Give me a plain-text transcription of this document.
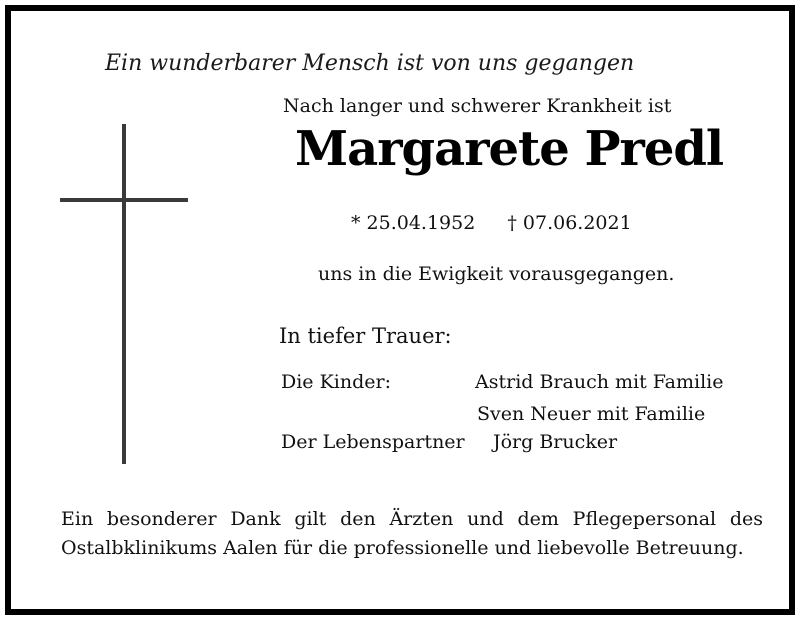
Ein wunderbarer Mensch ist von uns gegangen
Nach langer und schwerer Krankheit ist
Margarete Predl
* 25.04.1952 † 07.06.2021
uns in die Ewigkeit vorausgegangen.
In tiefer Trauer:
Die Kinder:	Astrid Brauch mit Familie
Sven Neuer mit Familie
Der Lebenspartner Jörg Brucker
Ein besonderer Dank gilt den Ärzten und dem Pflegepersonal des Ostalbklinikums Aalen für die professionelle und liebevolle Betreuung.
